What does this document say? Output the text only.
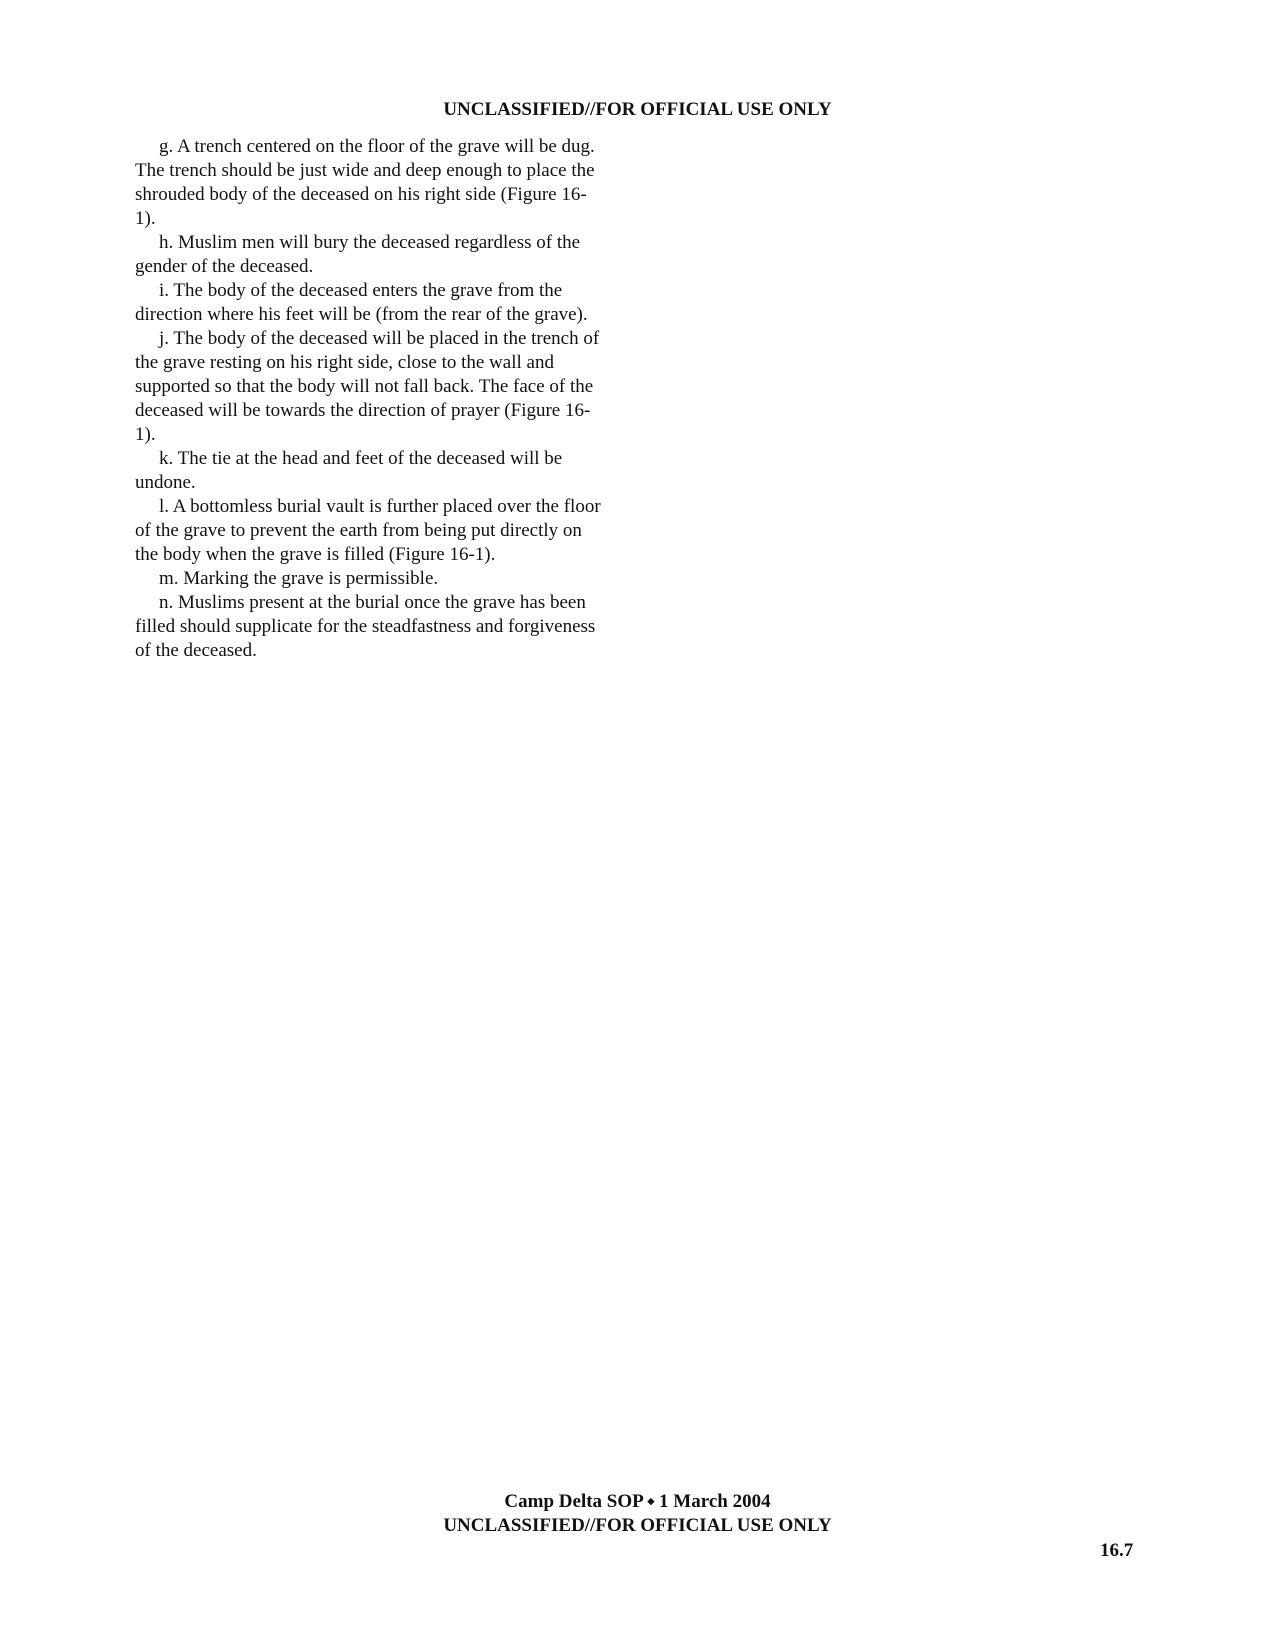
UNCLASSIFIED//FOR OFFICIAL USE ONLY

g. A trench centered on the floor of the grave will be dug. The trench should be just wide and deep enough to place the shrouded body of the deceased on his right side (Figure 16-1).

h. Muslim men will bury the deceased regardless of the gender of the deceased.

i. The body of the deceased enters the grave from the direction where his feet will be (from the rear of the grave).

j. The body of the deceased will be placed in the trench of the grave resting on his right side, close to the wall and supported so that the body will not fall back. The face of the deceased will be towards the direction of prayer (Figure 16-1).

k. The tie at the head and feet of the deceased will be undone.

l. A bottomless burial vault is further placed over the floor of the grave to prevent the earth from being put directly on the body when the grave is filled (Figure 16-1).

m. Marking the grave is permissible.

n. Muslims present at the burial once the grave has been filled should supplicate for the steadfastness and forgiveness of the deceased.

Camp Delta SOP ⬩ 1 March 2004
UNCLASSIFIED//FOR OFFICIAL USE ONLY
16.7
